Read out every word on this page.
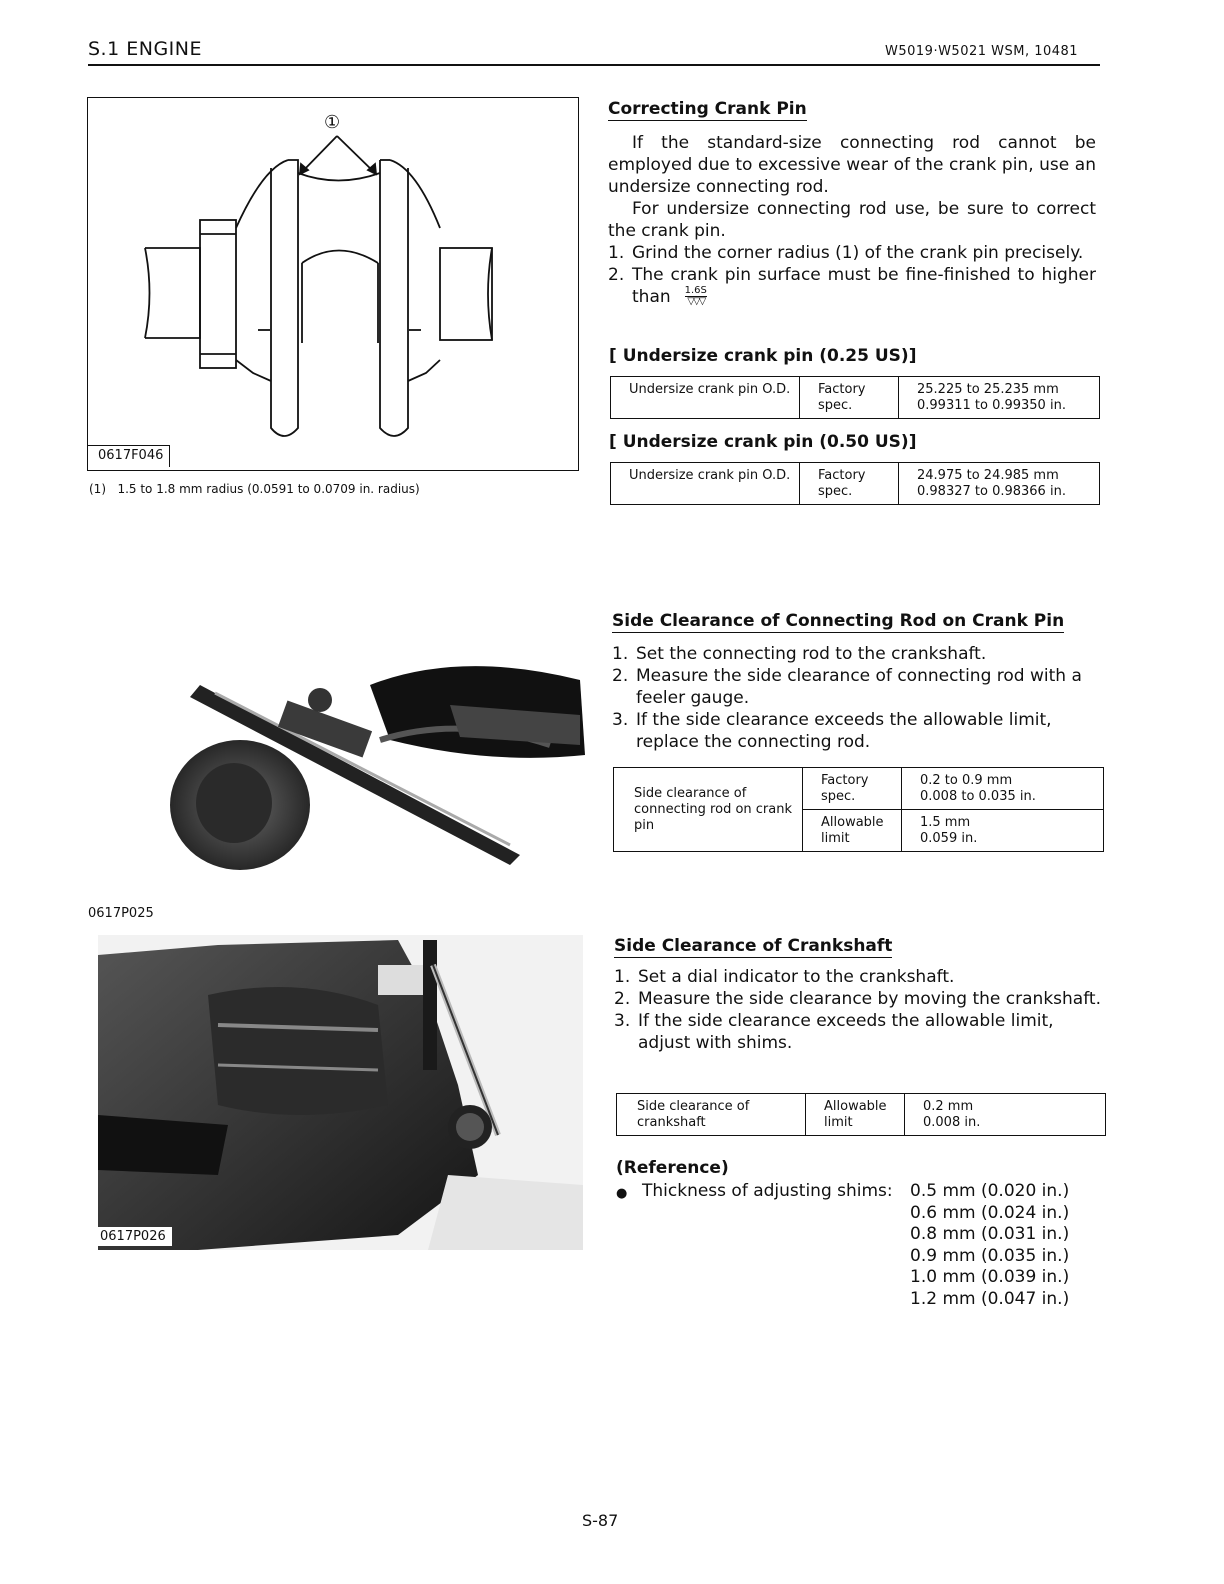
S.1 ENGINE	W5019·W5021 WSM, 10481
①
0617F046
(1) 1.5 to 1.8 mm radius (0.0591 to 0.0709 in. radius)
0617P025
0617P026
Correcting Crank Pin

If the standard-size connecting rod cannot be employed due to excessive wear of the crank pin, use an undersize connecting rod.

For undersize connecting rod use, be sure to correct the crank pin.

1. Grind the corner radius (1) of the crank pin precisely.
2. The crank pin surface must be fine-finished to higher than 1.6S
▽▽▽
[ Undersize crank pin (0.25 US)]
Undersize crank pin O.D.	Factory spec.	25.225 to 25.235 mm
0.99311 to 0.99350 in.
[ Undersize crank pin (0.50 US)]
Undersize crank pin O.D.	Factory spec.	24.975 to 24.985 mm
0.98327 to 0.98366 in.
Side Clearance of Connecting Rod on Crank Pin
1. Set the connecting rod to the crankshaft.
2. Measure the side clearance of connecting rod with a feeler gauge.
3. If the side clearance exceeds the allowable limit, replace the connecting rod.
Side clearance of connecting rod on crank pin	Factory spec.	0.2 to 0.9 mm
0.008 to 0.035 in.
	Allowable limit	1.5 mm
0.059 in.
Side Clearance of Crankshaft
1. Set a dial indicator to the crankshaft.
2. Measure the side clearance by moving the crankshaft.
3. If the side clearance exceeds the allowable limit, adjust with shims.
Side clearance of crankshaft	Allowable limit	0.2 mm
0.008 in.
(Reference)
● Thickness of adjusting shims:	0.5 mm (0.020 in.)
0.6 mm (0.024 in.)
0.8 mm (0.031 in.)
0.9 mm (0.035 in.)
1.0 mm (0.039 in.)
1.2 mm (0.047 in.)
S-87
